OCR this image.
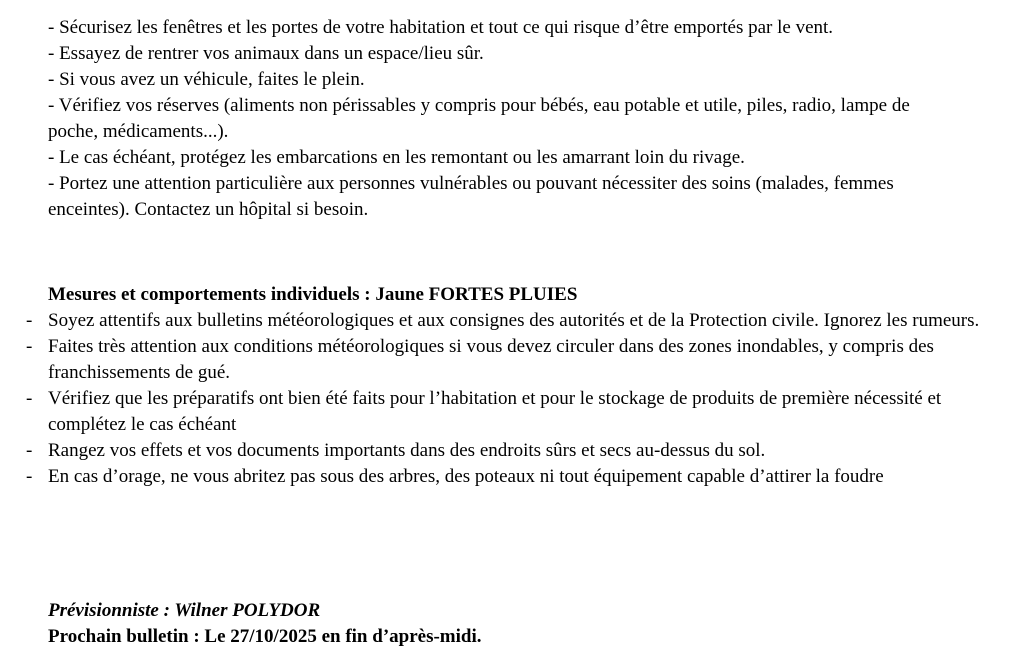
- Sécurisez les fenêtres et les portes de votre habitation et tout ce qui risque d’être emportés par le vent.
- Essayez de rentrer vos animaux dans un espace/lieu sûr.
- Si vous avez un véhicule, faites le plein.
- Vérifiez vos réserves (aliments non périssables y compris pour bébés, eau potable et utile, piles, radio, lampe de poche, médicaments...).
- Le cas échéant, protégez les embarcations en les remontant ou les amarrant loin du rivage.
- Portez une attention particulière aux personnes vulnérables ou pouvant nécessiter des soins (malades, femmes enceintes). Contactez un hôpital si besoin.

Mesures et comportements individuels : Jaune FORTES PLUIES

- Soyez attentifs aux bulletins météorologiques et aux consignes des autorités et de la Protection civile. Ignorez les rumeurs.
- Faites très attention aux conditions météorologiques si vous devez circuler dans des zones inondables, y compris des franchissements de gué.
- Vérifiez que les préparatifs ont bien été faits pour l’habitation et pour le stockage de produits de première nécessité et complétez le cas échéant
- Rangez vos effets et vos documents importants dans des endroits sûrs et secs au-dessus du sol.
- En cas d’orage, ne vous abritez pas sous des arbres, des poteaux ni tout équipement capable d’attirer la foudre

Prévisionniste : Wilner POLYDOR

Prochain bulletin : Le 27/10/2025 en fin d’après-midi.
